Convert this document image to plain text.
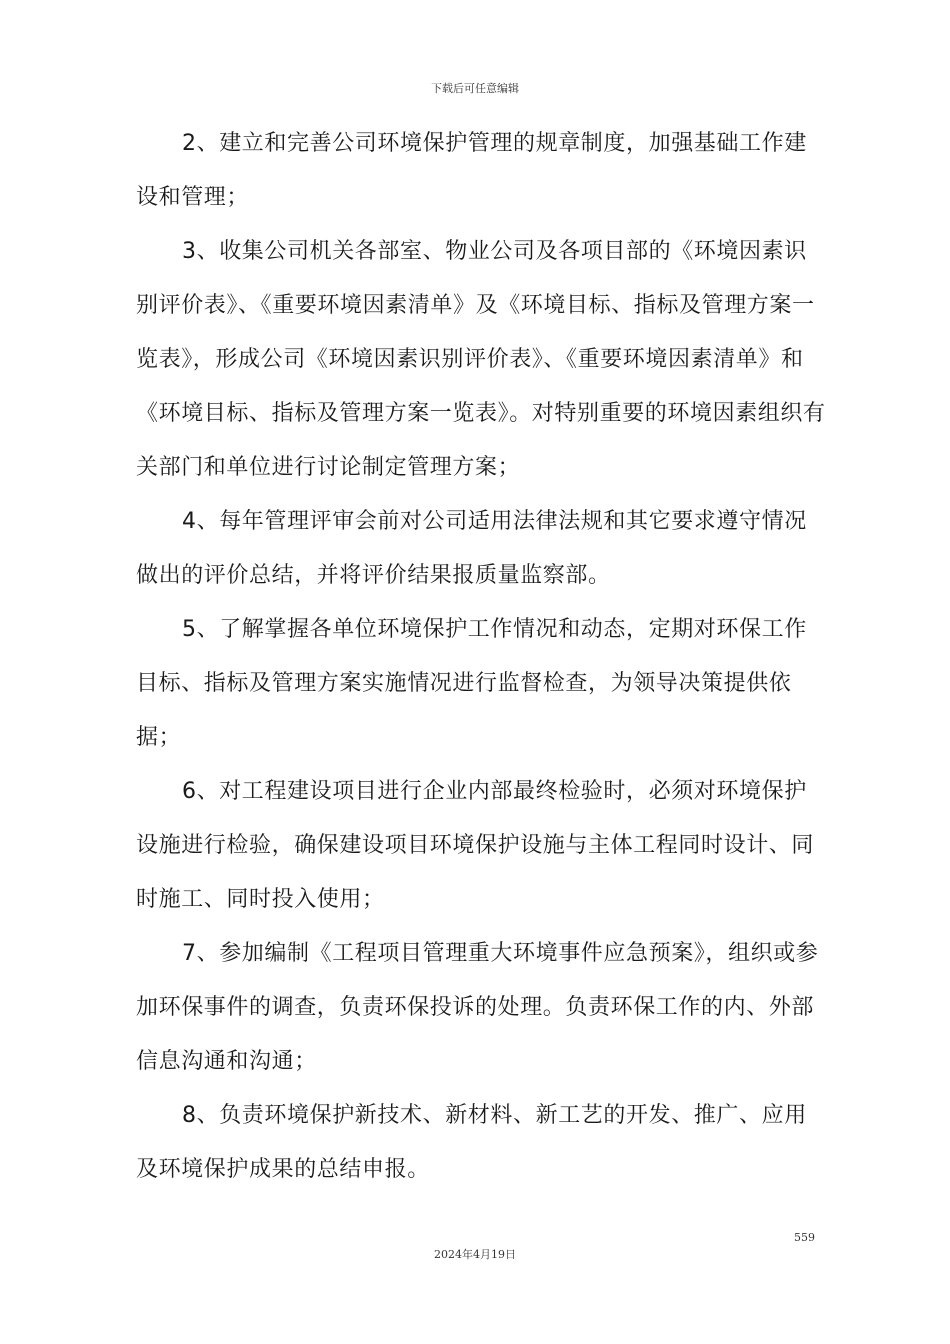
下载后可任意编辑

2、建立和完善公司环境保护管理的规章制度，加强基础工作建设和管理；

3、收集公司机关各部室、物业公司及各项目部的《环境因素识别评价表》、《重要环境因素清单》及《环境目标、指标及管理方案一览表》，形成公司《环境因素识别评价表》、《重要环境因素清单》和《环境目标、指标及管理方案一览表》。对特别重要的环境因素组织有关部门和单位进行讨论制定管理方案；

4、每年管理评审会前对公司适用法律法规和其它要求遵守情况做出的评价总结，并将评价结果报质量监察部。

5、了解掌握各单位环境保护工作情况和动态，定期对环保工作目标、指标及管理方案实施情况进行监督检查，为领导决策提供依据；

6、对工程建设项目进行企业内部最终检验时，必须对环境保护设施进行检验，确保建设项目环境保护设施与主体工程同时设计、同时施工、同时投入使用；

7、参加编制《工程项目管理重大环境事件应急预案》，组织或参加环保事件的调查，负责环保投诉的处理。负责环保工作的内、外部信息沟通和沟通；

8、负责环境保护新技术、新材料、新工艺的开发、推广、应用及环境保护成果的总结申报。

559
2024年4月19日
